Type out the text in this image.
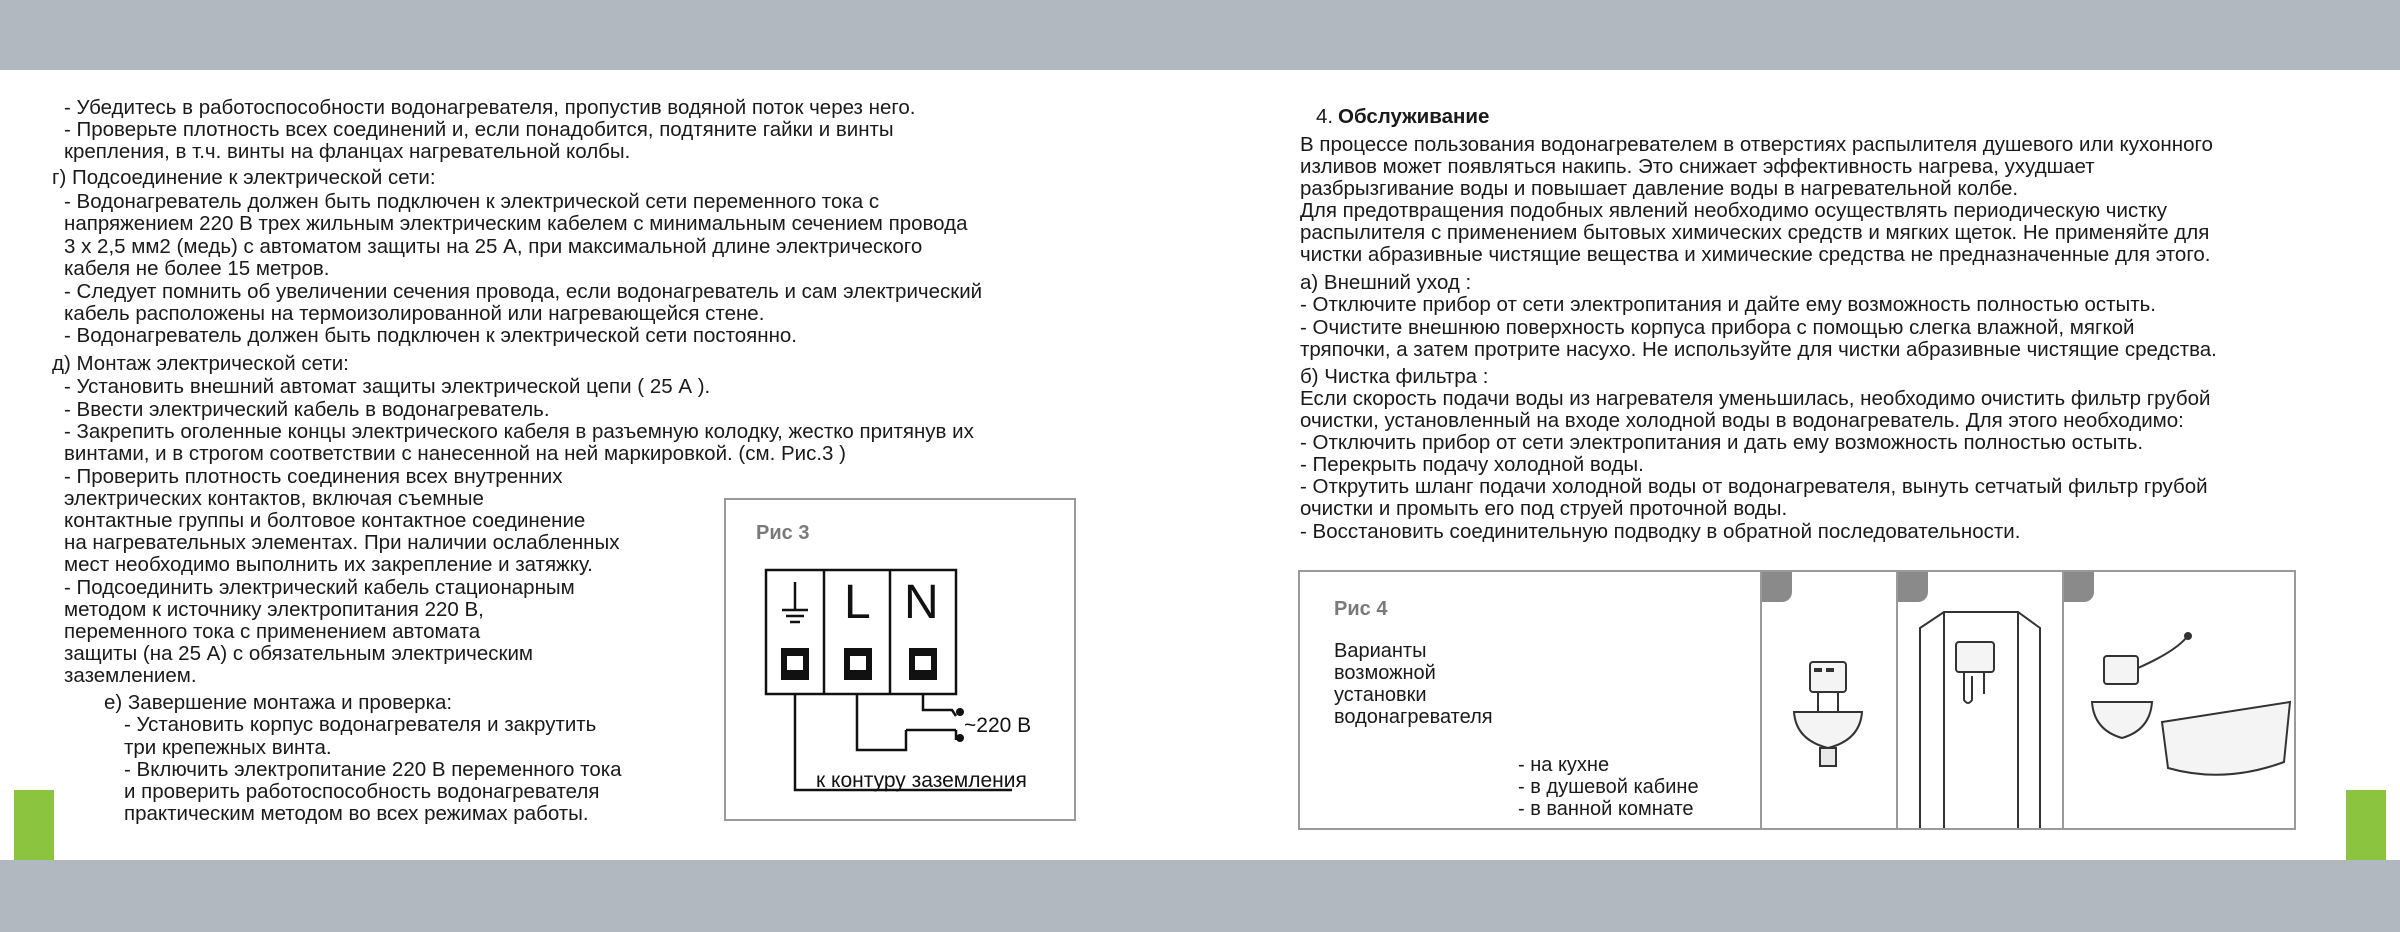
- Убедитесь в работоспособности водонагревателя, пропустив водяной поток через него.
- Проверьте плотность всех соединений и, если понадобится, подтяните гайки и винты
крепления, в т.ч. винты на фланцах нагревательной колбы.
г) Подсоединение к электрической сети:
- Водонагреватель должен быть подключен к электрической сети переменного тока с
напряжением 220 В трех жильным электрическим кабелем с минимальным сечением провода
3 х 2,5 мм2 (медь) с автоматом защиты на 25 А, при максимальной длине электрического
кабеля не более 15 метров.
- Следует помнить об увеличении сечения провода, если водонагреватель и сам электрический
кабель расположены на термоизолированной или нагревающейся стене.
- Водонагреватель должен быть подключен к электрической сети постоянно.
д) Монтаж электрической сети:
- Установить внешний автомат защиты электрической цепи ( 25 А ).
- Ввести электрический кабель в водонагреватель.
- Закрепить оголенные концы электрического кабеля в разъемную колодку, жестко притянув их
винтами, и в строгом соответствии с нанесенной на ней маркировкой. (см. Рис.3 )
- Проверить плотность соединения всех внутренних
электрических контактов, включая съемные
контактные группы и болтовое контактное соединение
на нагревательных элементах. При наличии ослабленных
мест необходимо выполнить их закрепление и затяжку.
- Подсоединить электрический кабель стационарным
методом к источнику электропитания 220 В,
переменного тока с применением автомата
защиты (на 25 А) с обязательным электрическим
заземлением.
е) Завершение монтажа и проверка:
- Установить корпус водонагревателя и закрутить
три крепежных винта.
- Включить электропитание 220 В переменного тока
и проверить работоспособность водонагревателя
практическим методом во всех режимах работы.
Рис 3
L N
~220 В
к контуру заземления
4. Обслуживание
В процессе пользования водонагревателем в отверстиях распылителя душевого или кухонного
изливов может появляться накипь. Это снижает эффективность нагрева, ухудшает
разбрызгивание воды и повышает давление воды в нагревательной колбе.
Для предотвращения подобных явлений необходимо осуществлять периодическую чистку
распылителя с применением бытовых химических средств и мягких щеток. Не применяйте для
чистки абразивные чистящие вещества и химические средства не предназначенные для этого.
а) Внешний уход :
- Отключите прибор от сети электропитания и дайте ему возможность полностью остыть.
- Очистите внешнюю поверхность корпуса прибора с помощью слегка влажной, мягкой
тряпочки, а затем протрите насухо. Не используйте для чистки абразивные чистящие средства.
б) Чистка фильтра :
Если скорость подачи воды из нагревателя уменьшилась, необходимо очистить фильтр грубой
очистки, установленный на входе холодной воды в водонагреватель. Для этого необходимо:
- Отключить прибор от сети электропитания и дать ему возможность полностью остыть.
- Перекрыть подачу холодной воды.
- Открутить шланг подачи холодной воды от водонагревателя, вынуть сетчатый фильтр грубой
очистки и промыть его под струей проточной воды.
- Восстановить соединительную подводку в обратной последовательности.
Рис 4
Варианты
возможной
установки
водонагревателя
- на кухне
- в душевой кабине
- в ванной комнате
